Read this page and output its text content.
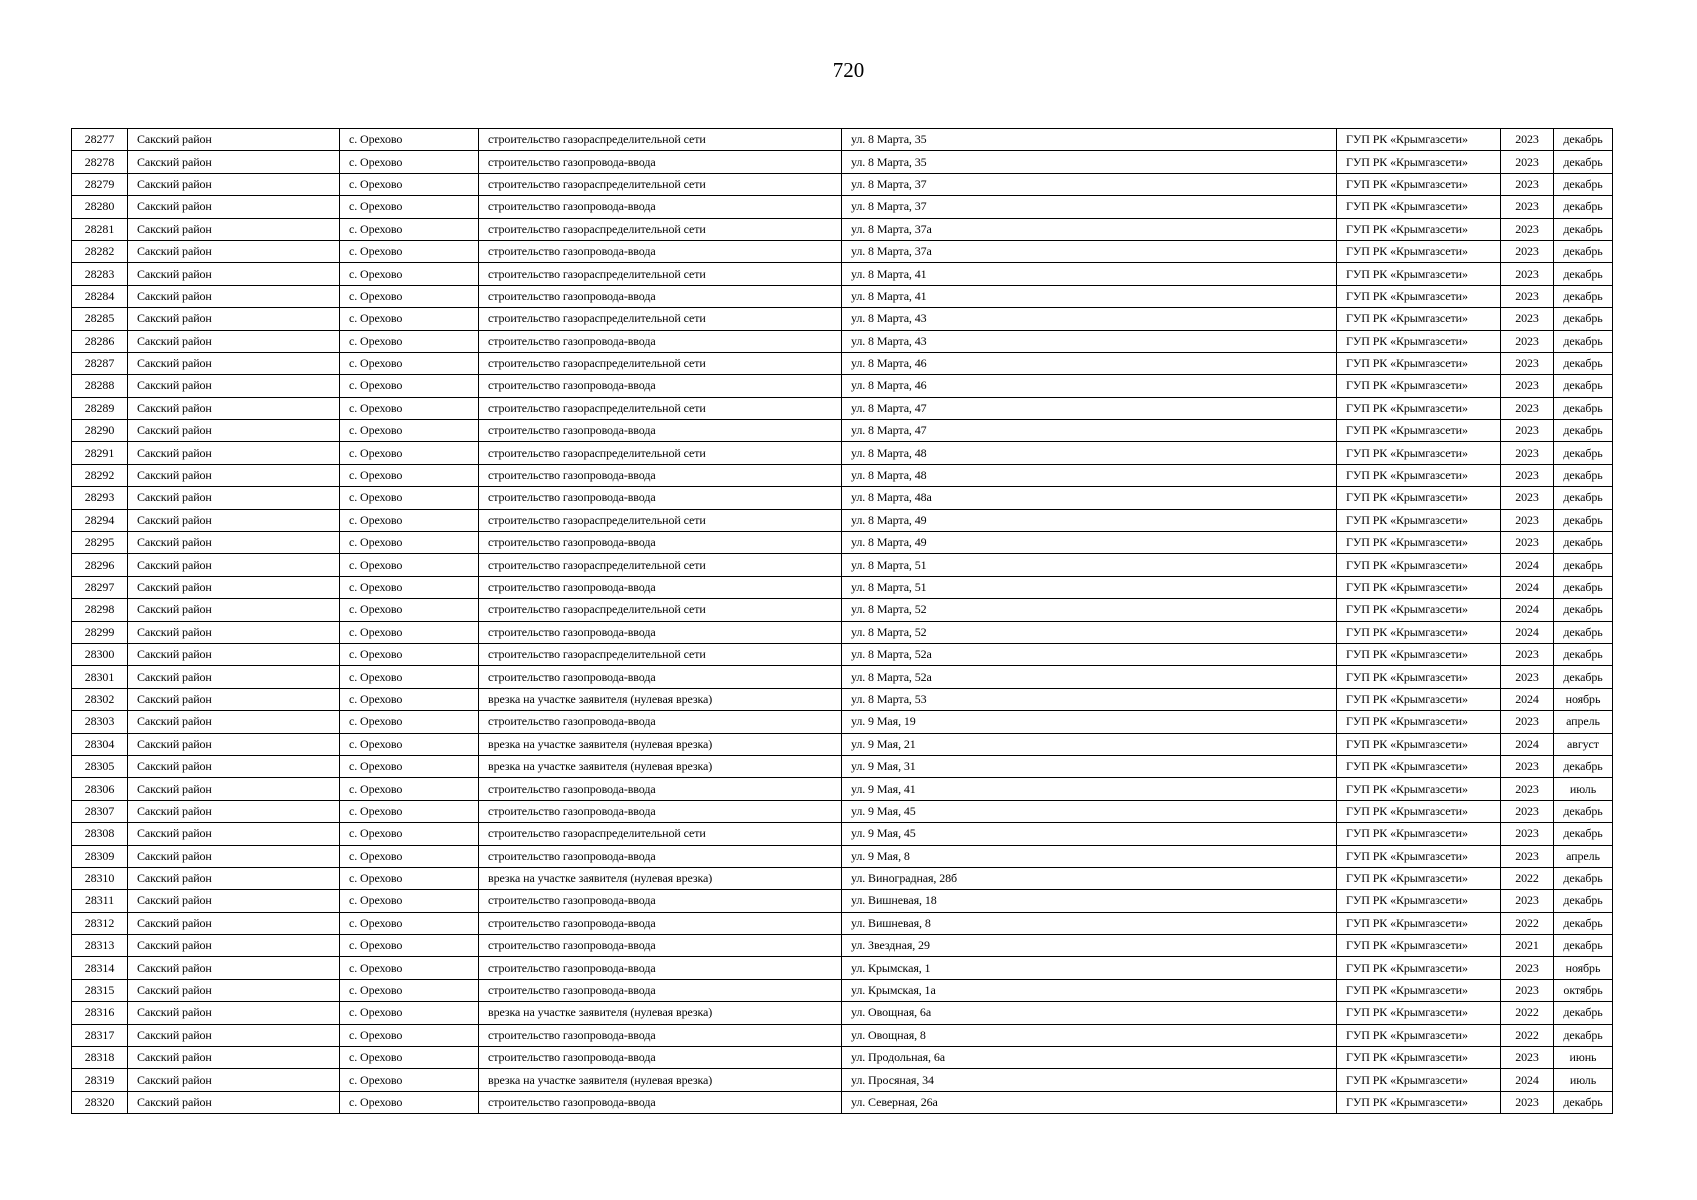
720
28277	Сакский район	с. Орехово	строительство газораспределительной сети	ул. 8 Марта, 35	ГУП РК «Крымгазсети»	2023	декабрь
28278	Сакский район	с. Орехово	строительство газопровода-ввода	ул. 8 Марта, 35	ГУП РК «Крымгазсети»	2023	декабрь
28279	Сакский район	с. Орехово	строительство газораспределительной сети	ул. 8 Марта, 37	ГУП РК «Крымгазсети»	2023	декабрь
28280	Сакский район	с. Орехово	строительство газопровода-ввода	ул. 8 Марта, 37	ГУП РК «Крымгазсети»	2023	декабрь
28281	Сакский район	с. Орехово	строительство газораспределительной сети	ул. 8 Марта, 37а	ГУП РК «Крымгазсети»	2023	декабрь
28282	Сакский район	с. Орехово	строительство газопровода-ввода	ул. 8 Марта, 37а	ГУП РК «Крымгазсети»	2023	декабрь
28283	Сакский район	с. Орехово	строительство газораспределительной сети	ул. 8 Марта, 41	ГУП РК «Крымгазсети»	2023	декабрь
28284	Сакский район	с. Орехово	строительство газопровода-ввода	ул. 8 Марта, 41	ГУП РК «Крымгазсети»	2023	декабрь
28285	Сакский район	с. Орехово	строительство газораспределительной сети	ул. 8 Марта, 43	ГУП РК «Крымгазсети»	2023	декабрь
28286	Сакский район	с. Орехово	строительство газопровода-ввода	ул. 8 Марта, 43	ГУП РК «Крымгазсети»	2023	декабрь
28287	Сакский район	с. Орехово	строительство газораспределительной сети	ул. 8 Марта, 46	ГУП РК «Крымгазсети»	2023	декабрь
28288	Сакский район	с. Орехово	строительство газопровода-ввода	ул. 8 Марта, 46	ГУП РК «Крымгазсети»	2023	декабрь
28289	Сакский район	с. Орехово	строительство газораспределительной сети	ул. 8 Марта, 47	ГУП РК «Крымгазсети»	2023	декабрь
28290	Сакский район	с. Орехово	строительство газопровода-ввода	ул. 8 Марта, 47	ГУП РК «Крымгазсети»	2023	декабрь
28291	Сакский район	с. Орехово	строительство газораспределительной сети	ул. 8 Марта, 48	ГУП РК «Крымгазсети»	2023	декабрь
28292	Сакский район	с. Орехово	строительство газопровода-ввода	ул. 8 Марта, 48	ГУП РК «Крымгазсети»	2023	декабрь
28293	Сакский район	с. Орехово	строительство газопровода-ввода	ул. 8 Марта, 48а	ГУП РК «Крымгазсети»	2023	декабрь
28294	Сакский район	с. Орехово	строительство газораспределительной сети	ул. 8 Марта, 49	ГУП РК «Крымгазсети»	2023	декабрь
28295	Сакский район	с. Орехово	строительство газопровода-ввода	ул. 8 Марта, 49	ГУП РК «Крымгазсети»	2023	декабрь
28296	Сакский район	с. Орехово	строительство газораспределительной сети	ул. 8 Марта, 51	ГУП РК «Крымгазсети»	2024	декабрь
28297	Сакский район	с. Орехово	строительство газопровода-ввода	ул. 8 Марта, 51	ГУП РК «Крымгазсети»	2024	декабрь
28298	Сакский район	с. Орехово	строительство газораспределительной сети	ул. 8 Марта, 52	ГУП РК «Крымгазсети»	2024	декабрь
28299	Сакский район	с. Орехово	строительство газопровода-ввода	ул. 8 Марта, 52	ГУП РК «Крымгазсети»	2024	декабрь
28300	Сакский район	с. Орехово	строительство газораспределительной сети	ул. 8 Марта, 52а	ГУП РК «Крымгазсети»	2023	декабрь
28301	Сакский район	с. Орехово	строительство газопровода-ввода	ул. 8 Марта, 52а	ГУП РК «Крымгазсети»	2023	декабрь
28302	Сакский район	с. Орехово	врезка на участке заявителя (нулевая врезка)	ул. 8 Марта, 53	ГУП РК «Крымгазсети»	2024	ноябрь
28303	Сакский район	с. Орехово	строительство газопровода-ввода	ул. 9 Мая, 19	ГУП РК «Крымгазсети»	2023	апрель
28304	Сакский район	с. Орехово	врезка на участке заявителя (нулевая врезка)	ул. 9 Мая, 21	ГУП РК «Крымгазсети»	2024	август
28305	Сакский район	с. Орехово	врезка на участке заявителя (нулевая врезка)	ул. 9 Мая, 31	ГУП РК «Крымгазсети»	2023	декабрь
28306	Сакский район	с. Орехово	строительство газопровода-ввода	ул. 9 Мая, 41	ГУП РК «Крымгазсети»	2023	июль
28307	Сакский район	с. Орехово	строительство газопровода-ввода	ул. 9 Мая, 45	ГУП РК «Крымгазсети»	2023	декабрь
28308	Сакский район	с. Орехово	строительство газораспределительной сети	ул. 9 Мая, 45	ГУП РК «Крымгазсети»	2023	декабрь
28309	Сакский район	с. Орехово	строительство газопровода-ввода	ул. 9 Мая, 8	ГУП РК «Крымгазсети»	2023	апрель
28310	Сакский район	с. Орехово	врезка на участке заявителя (нулевая врезка)	ул. Виноградная, 28б	ГУП РК «Крымгазсети»	2022	декабрь
28311	Сакский район	с. Орехово	строительство газопровода-ввода	ул. Вишневая, 18	ГУП РК «Крымгазсети»	2023	декабрь
28312	Сакский район	с. Орехово	строительство газопровода-ввода	ул. Вишневая, 8	ГУП РК «Крымгазсети»	2022	декабрь
28313	Сакский район	с. Орехово	строительство газопровода-ввода	ул. Звездная, 29	ГУП РК «Крымгазсети»	2021	декабрь
28314	Сакский район	с. Орехово	строительство газопровода-ввода	ул. Крымская, 1	ГУП РК «Крымгазсети»	2023	ноябрь
28315	Сакский район	с. Орехово	строительство газопровода-ввода	ул. Крымская, 1а	ГУП РК «Крымгазсети»	2023	октябрь
28316	Сакский район	с. Орехово	врезка на участке заявителя (нулевая врезка)	ул. Овощная, 6а	ГУП РК «Крымгазсети»	2022	декабрь
28317	Сакский район	с. Орехово	строительство газопровода-ввода	ул. Овощная, 8	ГУП РК «Крымгазсети»	2022	декабрь
28318	Сакский район	с. Орехово	строительство газопровода-ввода	ул. Продольная, 6а	ГУП РК «Крымгазсети»	2023	июнь
28319	Сакский район	с. Орехово	врезка на участке заявителя (нулевая врезка)	ул. Просяная, 34	ГУП РК «Крымгазсети»	2024	июль
28320	Сакский район	с. Орехово	строительство газопровода-ввода	ул. Северная, 26а	ГУП РК «Крымгазсети»	2023	декабрь
